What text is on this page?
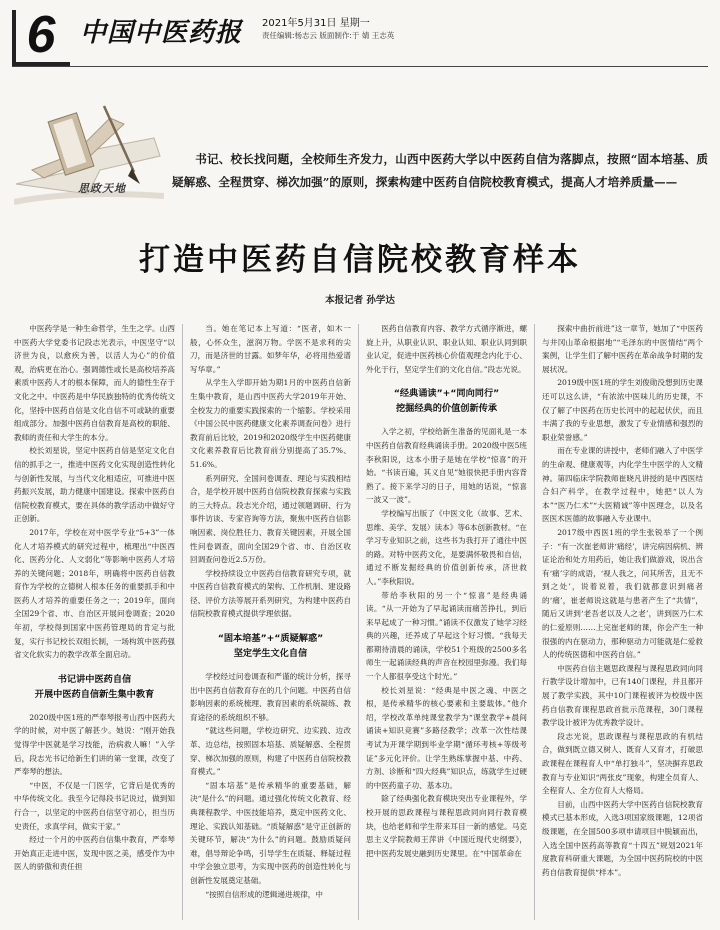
6 中国中医药报 2021年5月31日 星期一
责任编辑:杨志云 版面制作:于 婧 王志英
思政天地
书记、校长找问题，全校师生齐发力，山西中医药大学以中医药自信为落脚点，按照“固本培基、质疑解惑、全程贯穿、梯次加强”的原则，探索构建中医药自信院校教育模式，提高人才培养质量——
打造中医药自信院校教育样本
本报记者 孙学达

中医药学是一种生命哲学，生生之学。山西中医药大学党委书记段志光表示，中医坚守“以济世为良，以愈疾为善，以活人为心”的价值观，治病更在治心。强调德性或长是高校培养高素质中医药人才的根本保障，而人的德性生存于文化之中。中医药是中华民族独特的优秀传统文化，坚持中医药自信是文化自信不可或缺的重要组成部分。加强中医药自信教育是高校的职能、教师的责任和大学生的本分。

校长刘星说，坚定中医药自信是坚定文化自信的抓手之一，推进中医药文化实现创造性转化与创新性发展，与当代文化相适应，可推进中医药振兴发展，助力健康中国建设。探索中医药自信院校教育模式，要在具体的教学活动中做好守正创新。

2017年，学校在对中医学专业“5+3”一体化人才培养模式的研究过程中，梳理出“中医西化、医药分化、人文弱化”等影响中医药人才培养的关键问题；2018年，明确将中医药自信教育作为学校的立德树人根本任务的重要抓手和中医药人才培养的重要任务之一；2019年，面向全国29个省、市、自治区开展问卷调查；2020年初，学校得到国家中医药管理局的肯定与批复，实行书记校长双组长制，一场构筑中医药强省文化软实力的教学改革全面启动。

书记讲中医药自信
开展中医药自信新生集中教育

2020级中医1班的严奉琴报考山西中医药大学的时候，对中医了解甚少。她说：“刚开始我觉得学中医就是学习技能，治病救人嘛！”入学后，段志光书记给新生们讲的第一堂课，改变了严奉琴的想法。

“中医，不仅是一门医学，它背后是优秀的中华传统文化。我至今记得段书记说过，做到知行合一，以坚定的中医药自信坚守初心，担当历史责任，求真学问，做实干家。”

经过一个月的中医药自信集中教育，严奉琴开始真正走进中医，发现中医之美，感受作为中医人的骄傲和责任担

当。她在笔记本上写道：“医者，如木一般，心怀众生，滋润万物。学医不是求利的尖刀，而是济世的甘露。如梦年华，必将用热爱谱写华章。”

从学生入学即开始为期1月的中医药自信新生集中教育，是山西中医药大学2019年开始、全校发力的重要实践探索的一个缩影。学校采用《中国公民中医药健康文化素养调查问卷》进行教育前后比较，2019和2020级学生中医药健康文化素养教育后比教育前分别提高了35.7%、51.6%。

系列研究、全国问卷调查、理论与实践相结合，是学校开展中医药自信院校教育探索与实践的三大特点。段志光介绍，通过领题调研、行为事件访谈、专家咨询等方法，聚焦中医药自信影响因素、岗位胜任力、教育关键因素，开展全国性问卷调查，面向全国29个省、市、自治区收回调查问卷近2.5万份。

学校持续设立中医药自信教育研究专项，就中医药自信教育模式的架构、工作机制、建设路径、评价方法等展开系列研究，为构建中医药自信院校教育模式提供学理依据。

“固本培基”+“质疑解惑”
坚定学生文化自信

学校经过问卷调查和严谨的统计分析，探寻出中医药自信教育存在的几个问题。中医药自信影响因素的系统梳理、教育因素的系统凝练、教育途径的系统组织不够。

“就这些问题，学校边研究、边实践、边改革、边总结，按照固本培基、质疑解惑、全程贯穿、梯次加强的原则，构建了中医药自信院校教育模式。”

“固本培基”是传承精华的重要基础，解决“是什么”的问题。通过强化传统文化教育、经典课程教学、中医技能培养，奠定中医药文化、理论、实践认知基础。“质疑解惑”是守正创新的关键环节，解决“为什么”的问题。鼓励质疑问难，倡导辩论争鸣，引导学生在质疑、释疑过程中学会独立思考，为实现中医药的创造性转化与创新性发展奠定基础。

“按照自信形成的逻辑递进规律，中

医药自信教育内容、教学方式循序渐进，螺旋上升，从职业认识、职业认知、职业认同到职业认定，促进中医药核心价值观理念内化于心、外化于行，坚定学生们的文化自信。”段志光说。

“经典诵读”+“同向同行”
挖掘经典的价值创新传承

入学之初，学校给新生准备的见面礼是一本中医药自信教育经典诵读手册。2020级中医5班李秋阳说，这本小册子是她在学校“惊喜”的开始。“书读百遍，其义自见”她很快把手册内容背熟了。接下来学习的日子，用她的话说，“惊喜一波又一波”。

学校编写出版了《中医文化（故事、艺术、思维、美学、发展）读本》等6本创新教材。“在学习专业知识之前，这些书为我打开了通往中医的路。对特中医药文化，是要满怀敬畏和自信，通过不断发掘经典的价值创新传承，济世救人。”李秋阳说。

带给李秋阳的另一个“惊喜”是经典诵读。“从一开始为了早起诵读而痛苦挣扎，到后来早起成了一种习惯。”诵读不仅激发了她学习经典的兴趣，还养成了早起这个好习惯。“我每天都期待清晨的诵读，学校51个班级的2500多名师生一起诵读经典的声音在校园里弥漫。我们每一个人都很享受这个时光。”

校长刘星说：“经典是中医之魂、中医之根，是传承精华的核心要素和主要载体。”他介绍，学校改革单纯课堂教学为“课堂教学+晨间诵读+知识竞赛”多路径教学；改革一次性结课考试为开课学期到毕业学期“循环考核+等级考证”多元化评价。让学生熟练掌握中基、中药、方剂、诊断和“四大经典”知识点，练就学生过硬的中医药童子功、基本功。

除了经典强化教育模块突出专业课程外，学校开展的思政课程与课程思政同向同行教育模块，也给老师和学生带来耳目一新的感觉。马克思主义学院教师王萍讲《中国近现代史纲要》，把中医药发展史融到历史课里。在“中国革命在

探索中曲折前进”这一章节，她加了“中医药与井冈山革命根据地”“毛泽东的中医情结”两个案例，让学生们了解中医药在革命战争时期的发展状况。

2019级中医1班的学生刘俊勋没想到历史课还可以这么讲，“有浓浓中医味儿的历史课，不仅了解了中医药在历史长河中的起起伏伏，而且丰满了我的专业思想，激发了专业情感和强烈的职业荣誉感。”

而在专业课的讲授中，老师们融入了中医学的生命观、健康观等，内化学生中医学的人文精神。第四临床学院教师崔晓凡讲授的是中西医结合妇产科学，在教学过程中，她把“以人为本”“医乃仁术”“大医精诚”等中医理念，以及名医医术医德的故事融入专业课中。

2017级中西医1班的学生张锐举了一个例子：“有一次崔老师讲‘痛经’，讲完病因病机、辨证论治和处方用药后，她让我们做游戏，说出含有‘痛’字的成语，‘视人我之，问其所苦，且无不到之处’，说着说着，我们就都意识到痛者的‘痛’，崔老师说这就是与患者产生了“共情”，随后又讲到‘老吾老以及人之老’，讲到医乃仁术的仁爱原则……上完崔老师的课，你会产生一种很强的内在驱动力，那种驱动力可能就是仁爱救人的传统医德和中医药自信。”

中医药自信主题思政课程与课程思政同向同行教学设计增加中，已有140门课程，并且都开展了教学实践，其中10门课程被评为校级中医药自信教育课程思政首批示范课程，30门课程教学设计被评为优秀教学设计。

段志光说，思政课程与课程思政的有机结合，做到既立德又树人、既育人又育才，打破思政课程在课程育人中“单打独斗”，坚决摒弃思政教育与专业知识“两张皮”现象，构建全员育人、全程育人、全方位育人大格局。

目前，山西中医药大学中医药自信院校教育模式已基本形成，入选3项国家级课题，12项省级课题，在全国500多项申请项目中脱颖而出，入选全国中医药高等教育“十四五”规划2021年度教育科研重大课题，为全国中医药院校的中医药自信教育提供“样本”。
